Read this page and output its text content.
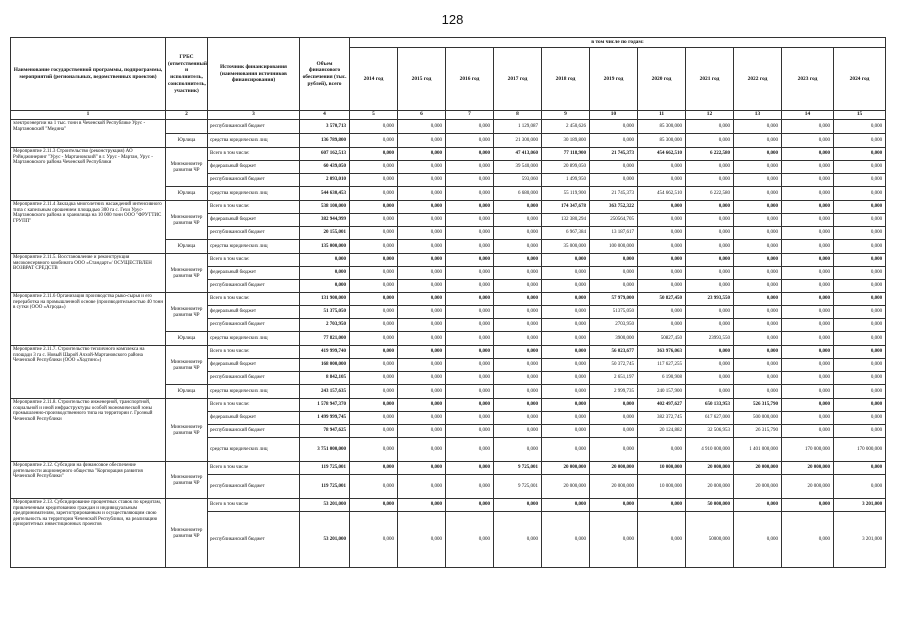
128
Наименование государственной программы, подпрограммы, мероприятий (региональных, ведомственных проектов)	ГРБС (ответственный и исполнитель, соисполнитель, участник)	Источник финансирования (наименования источников финансирования)	Объем финансового обеспечения (тыс. рублей), всего	в том числе по годам:										
				2014 год	2015 год	2016 год	2017 год	2018 год	2019 год	2020 год	2021 год	2022 год	2023 год	2024 год
1	2	3	4	5	6	7	8	9	10	11	12	13	14	15
электроэнергии на 1 тыс. тонн в Чеченской Республике Урус - Мартановский "Медина"		республиканский бюджет	3 570,713	0,000	0,000	0,000	1 129,087	2 450,626	0,000	85 300,000	0,000	0,000	0,000	0,000
	Юрлица	средства юридических лиц	136 789,800	0,000	0,000	0,000	21 300,000	30 189,800	0,000	85 300,000	0,000	0,000	0,000	0,000
Мероприятие 2.11.3 Строительство (реконструкция) АО Рэйнджинеринг "Урус - Мартановский" в г. Урус - Мартан, Урус - Мартановского района Чеченской Республики	Минэкономтер развития ЧР	Всего в том числе:	607 162,513	0,000	0,000	0,000	47 413,060	77 118,900	21 745,373	454 662,510	6 222,580	0,000	0,000	0,000
		федеральный бюджет	60 439,050	0,000	0,000	0,000	39 540,000	20 899,050	0,000	0,000	0,000	0,000	0,000	0,000
		республиканский бюджет	2 093,010	0,000	0,000	0,000	593,060	1 499,950	0,000	0,000	0,000	0,000	0,000	0,000
	Юрлица	средства юридических лиц	544 630,453	0,000	0,000	0,000	6 680,000	55 119,900	21 745,373	454 662,510	6 222,580	0,000	0,000	0,000
Мероприятие 2.11.4 Закладка многолетних насаждений интенсивного типа с капельным орошением площадью 300 га с. Гехи Урус-Мартановского района и хранилища на 10 000 тонн ООО "ФРУТТИС ГРУПП"	Минэкономтер развития ЧР	Всего в том числе:	538 100,000	0,000	0,000	0,000	0,000	174 347,678	363 752,322	0,000	0,000	0,000	0,000	0,000
		федеральный бюджет	382 944,999	0,000	0,000	0,000	0,000	132 380,294	250564,705	0,000	0,000	0,000	0,000	0,000
		республиканский бюджет	20 155,001	0,000	0,000	0,000	0,000	6 967,384	13 187,617	0,000	0,000	0,000	0,000	0,000
	Юрлица	средства юридических лиц	135 000,000	0,000	0,000	0,000	0,000	35 000,000	100 000,000	0,000	0,000	0,000	0,000	0,000
Мероприятие 2.11.5. Восстановление и реконструкция мясоконсервного комбината ООО «Стандарт»/ ОСУЩЕСТВЛЕН ВОЗВРАТ СРЕДСТВ	Минэкономтер развития ЧР	Всего в том числе:	0,000	0,000	0,000	0,000	0,000	0,000	0,000	0,000	0,000	0,000	0,000	0,000
		федеральный бюджет	0,000	0,000	0,000	0,000	0,000	0,000	0,000	0,000	0,000	0,000	0,000	0,000
		республиканский бюджет	0,000	0,000	0,000	0,000	0,000	0,000	0,000	0,000	0,000	0,000	0,000	0,000
Мероприятие 2.11.6 Организация производства рыко-сырья и его переработка на промышленной основе (производительностью 40 тонн в сутки (ООО «Агрода»)	Минэкономтер развития ЧР	Всего в том числе:	131 900,000	0,000	0,000	0,000	0,000	0,000	57 979,000	50 827,450	23 993,550	0,000	0,000	0,000
		федеральный бюджет	51 375,050	0,000	0,000	0,000	0,000	0,000	51375,050	0,000	0,000	0,000	0,000	0,000
		республиканский бюджет	2 703,950	0,000	0,000	0,000	0,000	0,000	2703,950	0,000	0,000	0,000	0,000	0,000
	Юрлица	средства юридических лиц	77 821,000	0,000	0,000	0,000	0,000	0,000	3900,000	50827,450	23993,550	0,000	0,000	0,000
Мероприятие 2.11.7. Строительство тепличного комплекса на площади 3 га с. Новый Шарой Ачхой-Мартановского района Чеченской Республики (ООО «Ходтинс»)	Минэкономтер развития ЧР	Всего в том числе:	419 999,740	0,000	0,000	0,000	0,000	0,000	56 023,677	363 976,063	0,000	0,000	0,000	0,000
		федеральный бюджет	168 000,000	0,000	0,000	0,000	0,000	0,000	50 372,745	117 627,255	0,000	0,000	0,000	0,000
		республиканский бюджет	8 842,105	0,000	0,000	0,000	0,000	0,000	2 651,197	6 190,908	0,000	0,000	0,000	0,000
	Юрлица	средства юридических лиц	243 157,635	0,000	0,000	0,000	0,000	0,000	2 999,735	240 157,900	0,000	0,000	0,000	0,000
Мероприятие 2.11.8. Строительство инженерной, транспортной, социальной и иной инфраструктуры особой экономической зоны промышленно-производственного типа на территории г. Грозный Чеченской Республики	Минэкономтер развития ЧР	Всего в том числе:	1 578 947,370	0,000	0,000	0,000	0,000	0,000	0,000	402 497,627	650 133,953	526 315,790	0,000	0,000
		федеральный бюджет	1 499 999,745	0,000	0,000	0,000	0,000	0,000	0,000	382 372,745	617 627,000	500 000,000	0,000	0,000
		республиканский бюджет	78 947,625	0,000	0,000	0,000	0,000	0,000	0,000	20 124,882	32 506,953	26 315,790	0,000	0,000
		средства юридических лиц	3 751 000,000	0,000	0,000	0,000	0,000	0,000	0,000	0,000	4 910 000,000	1 401 000,000	170 000,000	170 000,000
Мероприятие 2.12. Субсидии на финансовое обеспечение деятельности акционерного общества "Корпорация развития Чеченской Республики"	Минэкономтер развития ЧР	Всего в том числе	119 725,001	0,000	0,000	0,000	9 725,001	20 000,000	20 000,000	10 000,000	20 000,000	20 000,000	20 000,000	0,000
		республиканский бюджет	119 725,001	0,000	0,000	0,000	9 725,001	20 000,000	20 000,000	10 000,000	20 000,000	20 000,000	20 000,000	0,000
Мероприятие 2.13. Субсидирование процентных ставок по кредитам, привлеченным кредитованию граждан и индивидуальным предпринимателям, зарегистрированным и осуществляющим свою деятельность на территории Чеченской Республики, на реализацию приоритетных инвестиционных проектов	Минэкономтер развития ЧР	Всего в том числе	53 201,000	0,000	0,000	0,000	0,000	0,000	0,000	0,000	50 000,000	0,000	0,000	3 201,000
		республиканский бюджет	53 201,000	0,000	0,000	0,000	0,000	0,000	0,000	0,000	50000,000	0,000	0,000	3 201,000
